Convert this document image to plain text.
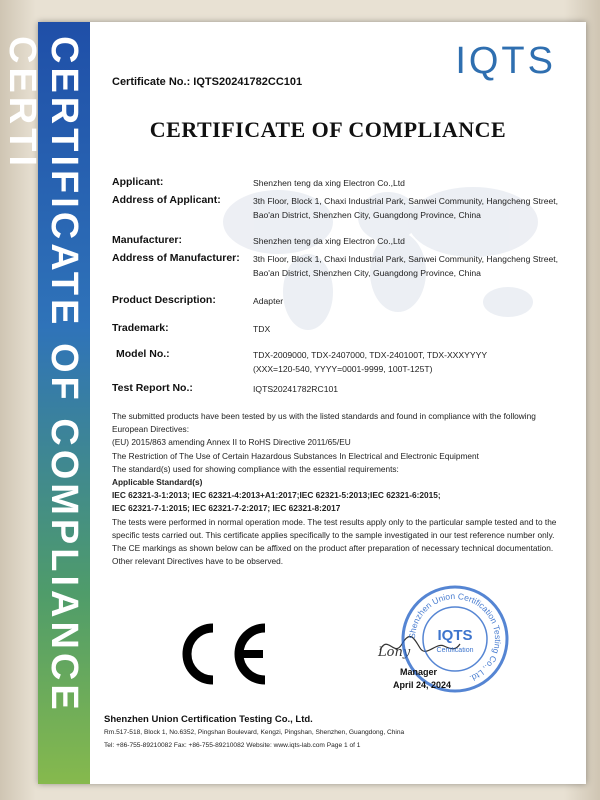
CERTIFICATE OF COMPLIANCE CERTI	IQTS
Certificate No.: IQTS20241782CC101
CERTIFICATE OF COMPLIANCE
Applicant:	Shenzhen teng da xing Electron Co.,Ltd
Address of Applicant:	3th Floor, Block 1, Chaxi Industrial Park, Sanwei Community, Hangcheng Street, Bao'an District, Shenzhen City, Guangdong Province, China
Manufacturer:	Shenzhen teng da xing Electron Co.,Ltd
Address of Manufacturer: 3th Floor, Block 1, Chaxi Industrial Park, Sanwei Community, Hangcheng Street, Bao'an District, Shenzhen City, Guangdong Province, China
Product Description:	Adapter
Trademark:	TDX
Model No.:	TDX-2009000, TDX-2407000, TDX-240100T, TDX-XXXYYYY
(XXX=120-540, YYYY=0001-9999, 100T-125T)
Test Report No.:	IQTS20241782RC101
The submitted products have been tested by us with the listed standards and found in compliance with the following European Directives:
(EU) 2015/863 amending Annex II to RoHS Directive 2011/65/EU
The Restriction of The Use of Certain Hazardous Substances In Electrical and Electronic Equipment
The standard(s) used for showing compliance with the essential requirements:
Applicable Standard(s)
IEC 62321-3-1:2013; IEC 62321-4:2013+A1:2017;IEC 62321-5:2013;IEC 62321-6:2015;
IEC 62321-7-1:2015; IEC 62321-7-2:2017; IEC 62321-8:2017
The tests were performed in normal operation mode. The test results apply only to the particular sample tested and to the specific tests carried out. This certificate applies specifically to the sample investigated in our test reference number only.
The CE markings as shown below can be affixed on the product after preparation of necessary technical documentation.
Other relevant Directives have to be observed.
Lony
Shenzhen Union Certification Testing Co., Ltd.
IQTS
Certification
Manager
April 24, 2024
Shenzhen Union Certification Testing Co., Ltd.
Rm.517-518, Block 1, No.6352, Pingshan Boulevard, Kengzi, Pingshan, Shenzhen, Guangdong, China
Tel: +86-755-89210082 Fax: +86-755-89210082 Website: www.iqts-lab.com Page 1 of 1
